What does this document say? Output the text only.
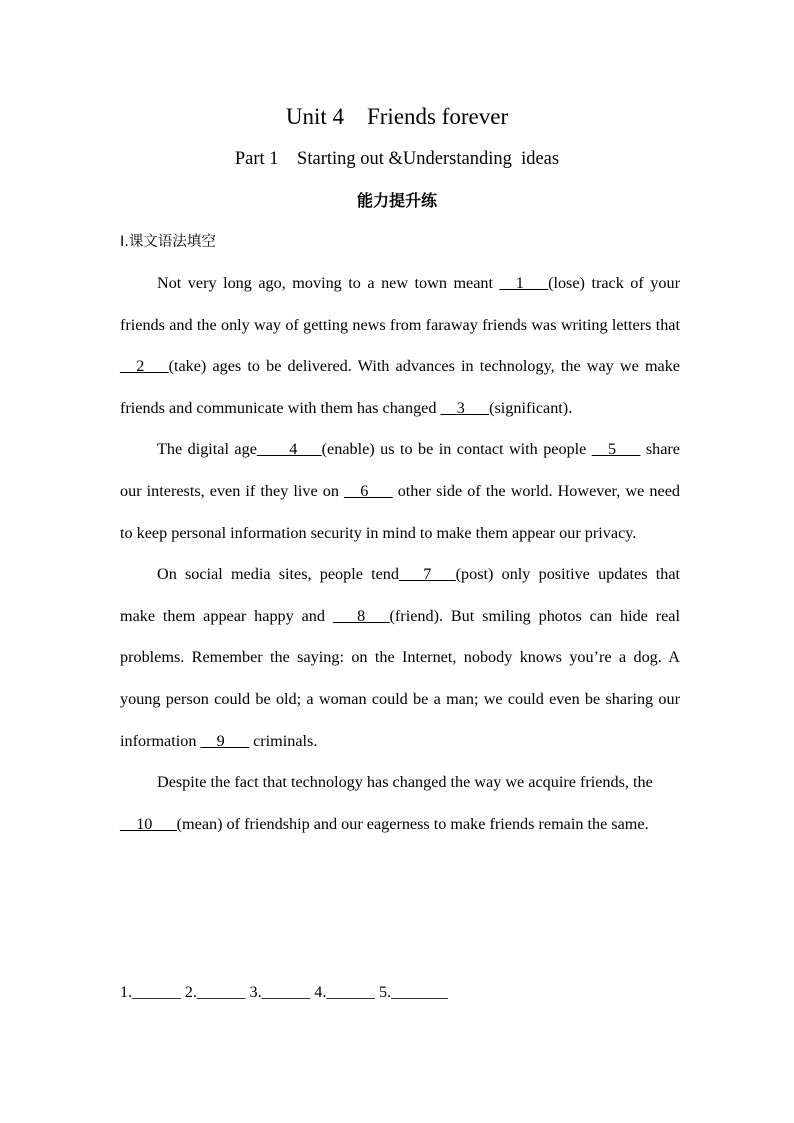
Unit 4    Friends forever
Part 1    Starting out &Understanding  ideas
能力提升练
Ⅰ.课文语法填空

Not very long ago, moving to a new town meant __1___(lose) track of your friends and the only way of getting news from faraway friends was writing letters that __2___(take) ages to be delivered. With advances in technology, the way we make friends and communicate with them has changed __3___(significant).

The digital age____4___(enable) us to be in contact with people __5___ share our interests, even if they live on __6___ other side of the world. However, we need to keep personal information security in mind to make them appear our privacy.

On social media sites, people tend___7___(post) only positive updates that make them appear happy and ___8___(friend). But smiling photos can hide real problems. Remember the saying: on the Internet, nobody knows you’re a dog. A young person could be old; a woman could be a man; we could even be sharing our information __9___ criminals.

Despite the fact that technology has changed the way we acquire friends, the __10___(mean) of friendship and our eagerness to make friends remain the same.

1.______ 2.______ 3.______ 4.______ 5._______
